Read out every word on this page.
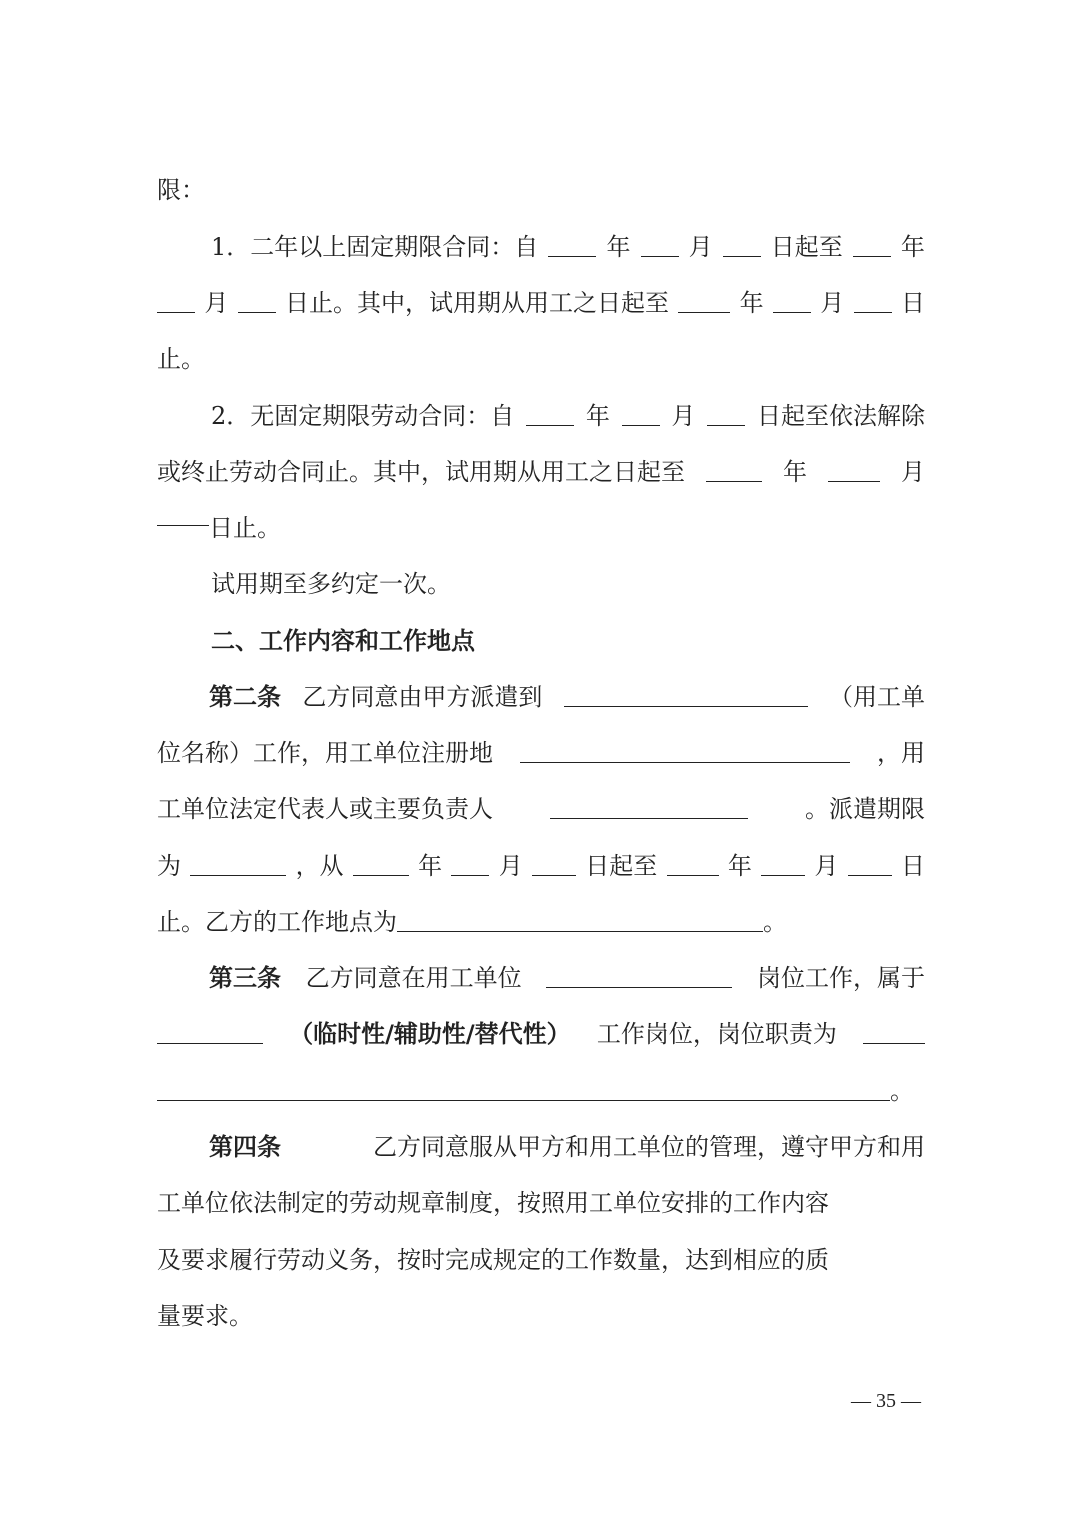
限：
1．二年以上固定期限合同：自	年 月 日起至 年
月 日止。其中，试用期从用工之日起至	年 月 日
止。
2．无固定期限劳动合同：自	年	月	日起至依法解除
或终止劳动合同止。其中，试用期从用工之日起至	年	月
日止。
试用期至多约定一次。
二、工作内容和工作地点
第二条 乙方同意由甲方派遣到	（用工单
位名称）工作，用工单位注册地	，用
工单位法定代表人或主要负责人	。派遣期限
为	，从	年 月	日起至	年	月	日
止。乙方的工作地点为	。
第三条 乙方同意在用工单位	岗位工作，属于
（临时性/辅助性/替代性） 工作岗位，岗位职责为
。
第四条	乙方同意服从甲方和用工单位的管理，遵守甲方和用
工单位依法制定的劳动规章制度，按照用工单位安排的工作内容
及要求履行劳动义务，按时完成规定的工作数量，达到相应的质
量要求。
— 35 —
